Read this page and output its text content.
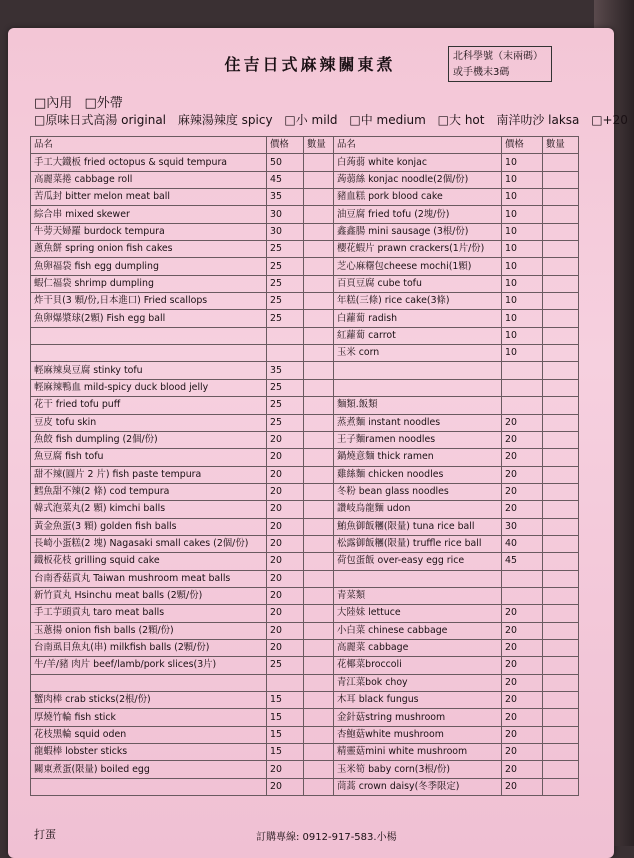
住吉日式麻辣關東煮	北科學號（末兩碼）
或手機末3碼
□內用 □外帶
□原味日式高湯 original 麻辣湯辣度 spicy □小 mild □中 medium □大 hot 南洋叻沙 laksa □+20
品名	價格	數量	品名	價格	數量
手工大鐵板 fried octopus & squid tempura	50		白蒟蒻 white konjac	10	
高麗菜捲 cabbage roll	45		蒟蒻絲 konjac noodle(2個/份)	10	
苦瓜封 bitter melon meat ball	35		豬血糕 pork blood cake	10	
綜合串 mixed skewer	30		油豆腐 fried tofu (2塊/份)	10	
牛蒡天婦羅 burdock tempura	30		鑫鑫腸 mini sausage (3根/份)	10	
蔥魚餅 spring onion fish cakes	25		櫻花蝦片 prawn crackers(1片/份)	10	
魚卵福袋 fish egg dumpling	25		芝心麻糬包cheese mochi(1顆)	10	
蝦仁福袋 shrimp dumpling	25		百頁豆腐 cube tofu	10	
炸干貝(3 顆/份,日本進口) Fried scallops	25		年糕(三條) rice cake(3條)	10	
魚卵爆漿球(2顆) Fish egg ball	25		白蘿蔔 radish	10	
			紅蘿蔔 carrot	10	
			玉米 corn	10	
輕麻辣臭豆腐 stinky tofu	35				
輕麻辣鴨血 mild-spicy duck blood jelly	25				
花干 fried tofu puff	25		麵類.飯類		
豆皮 tofu skin	25		蒸煮麵 instant noodles	20	
魚餃 fish dumpling (2個/份)	20		王子麵ramen noodles	20	
魚豆腐 fish tofu	20		鍋燒意麵 thick ramen	20	
甜不辣(圓片 2 片) fish paste tempura	20		雞絲麵 chicken noodles	20	
鱈魚甜不辣(2 條) cod tempura	20		冬粉 bean glass noodles	20	
韓式泡菜丸(2 顆) kimchi balls	20		讚岐烏龍麵 udon	20	
黃金魚蛋(3 顆) golden fish balls	20		鮪魚御飯糰(限量) tuna rice ball	30	
長崎小蛋糕(2 塊) Nagasaki small cakes (2個/份)	20		松露御飯糰(限量) truffle rice ball	40	
鐵板花枝 grilling squid cake	20		荷包蛋飯 over-easy egg rice	45	
台南香菇貢丸 Taiwan mushroom meat balls	20				
新竹貢丸 Hsinchu meat balls (2顆/份)	20		青菜類		
手工芋頭貢丸 taro meat balls	20		大陸妹 lettuce	20	
玉蔥揚 onion fish balls (2顆/份)	20		小白菜 chinese cabbage	20	
台南虱目魚丸(串) milkfish balls (2顆/份)	20		高麗菜 cabbage	20	
牛/羊/豬 肉片 beef/lamb/pork slices(3片)	25		花椰菜broccoli	20	
			青江菜bok choy	20	
蟹肉棒 crab sticks(2根/份)	15		木耳 black fungus	20	
厚燒竹輪 fish stick	15		金針菇string mushroom	20	
花枝黑輪 squid oden	15		杏鮑菇white mushroom	20	
龍蝦棒 lobster sticks	15		精靈菇mini white mushroom	20	
關東煮蛋(限量) boiled egg	20		玉米筍 baby corn(3根/份)	20	
	20		茼蒿 crown daisy(冬季限定)	20	
打蛋	訂購專線: 0912-917-583.小楊
